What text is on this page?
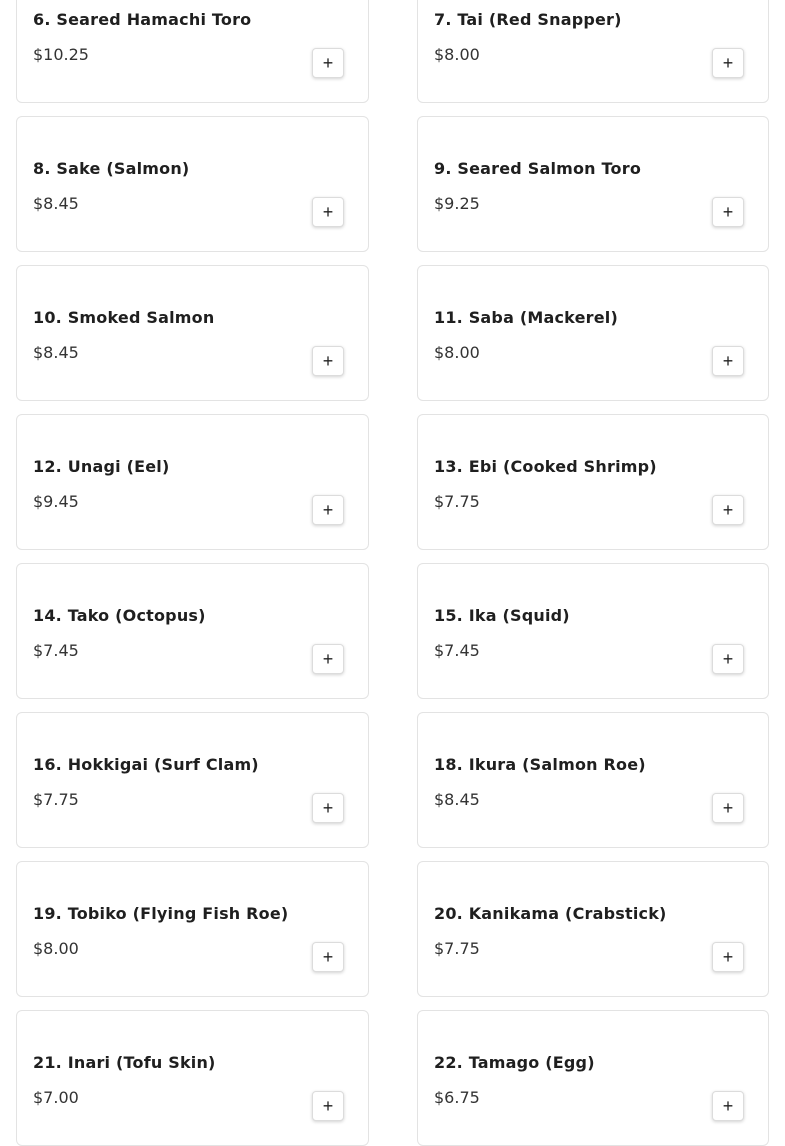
6. Seared Hamachi Toro
$10.25	+
7. Tai (Red Snapper)
$8.00	+
8. Sake (Salmon)
$8.45	+
9. Seared Salmon Toro
$9.25	+
10. Smoked Salmon
$8.45	+
11. Saba (Mackerel)
$8.00	+
12. Unagi (Eel)
$9.45	+
13. Ebi (Cooked Shrimp)
$7.75	+
14. Tako (Octopus)
$7.45	+
15. Ika (Squid)
$7.45	+
16. Hokkigai (Surf Clam)
$7.75	+
18. Ikura (Salmon Roe)
$8.45	+
19. Tobiko (Flying Fish Roe)
$8.00	+
20. Kanikama (Crabstick)
$7.75	+
21. Inari (Tofu Skin)
$7.00	+
22. Tamago (Egg)
$6.75	+
